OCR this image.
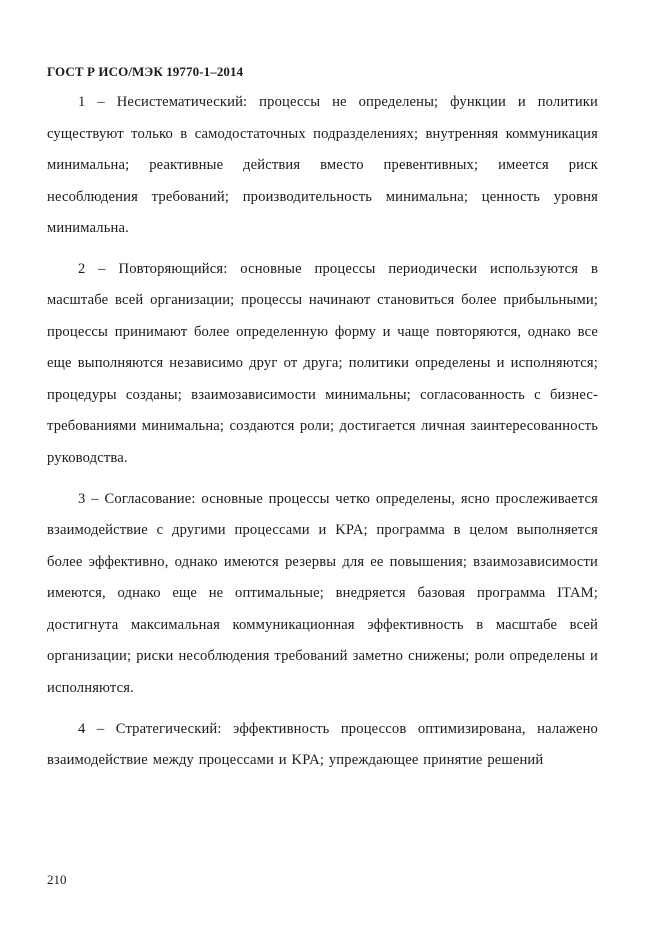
ГОСТ Р ИСО/МЭК 19770-1–2014

1 – Несистематический: процессы не определены; функции и политики существуют только в самодостаточных подразделениях; внутренняя коммуникация минимальна; реактивные действия вместо превентивных; имеется риск несоблюдения требований; производительность минимальна; ценность уровня минимальна.

2 – Повторяющийся: основные процессы периодически используются в масштабе всей организации; процессы начинают становиться более прибыльными; процессы принимают более определенную форму и чаще повторяются, однако все еще выполняются независимо друг от друга; политики определены и исполняются; процедуры созданы; взаимозависимости минимальны; согласованность с бизнес-требованиями минимальна; создаются роли; достигается личная заинтересованность руководства.

3 – Согласование: основные процессы четко определены, ясно прослеживается взаимодействие с другими процессами и KPA; программа в целом выполняется более эффективно, однако имеются резервы для ее повышения; взаимозависимости имеются, однако еще не оптимальные; внедряется базовая программа ITAM; достигнута максимальная коммуникационная эффективность в масштабе всей организации; риски несоблюдения требований заметно снижены; роли определены и исполняются.

4 – Стратегический: эффективность процессов оптимизирована, налажено взаимодействие между процессами и KPA; упреждающее принятие решений

210
